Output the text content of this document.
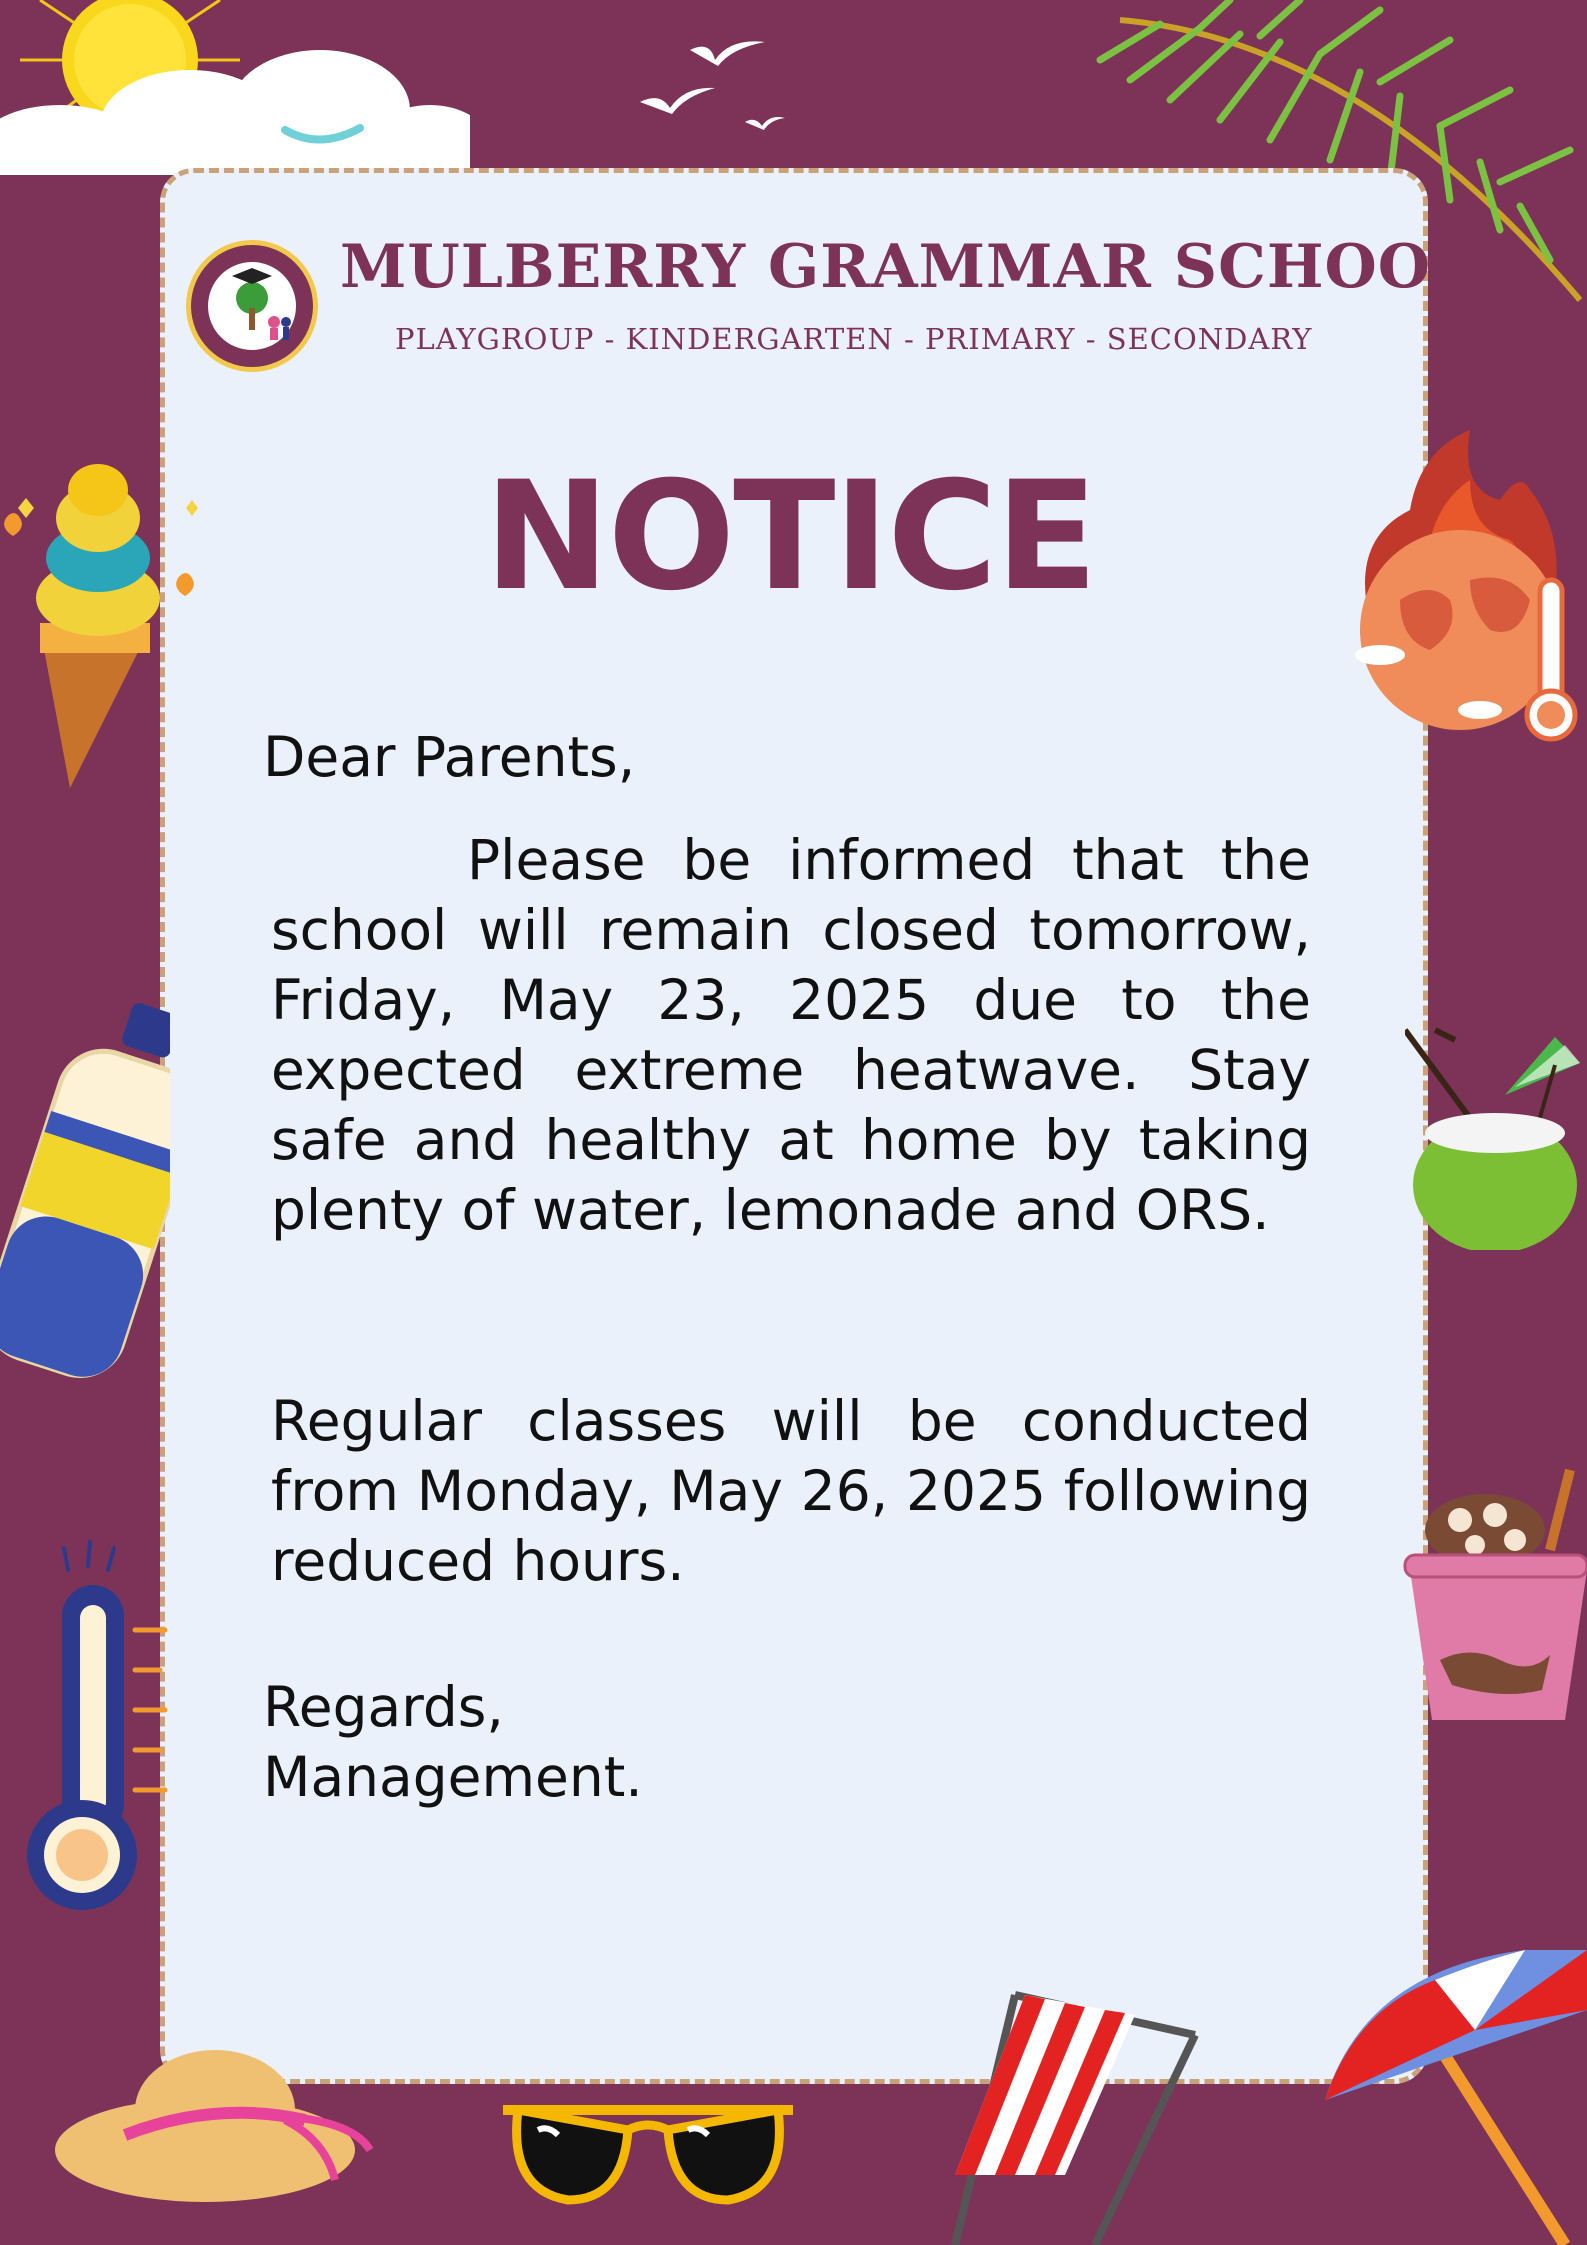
MULBERRY GRAMMAR SCHOOL
PLAYGROUP - KINDERGARTEN - PRIMARY - SECONDARY
NOTICE
Dear Parents,
Please be informed that the school will remain closed tomorrow, Friday, May 23, 2025 due to the expected extreme heatwave. Stay safe and healthy at home by taking plenty of water, lemonade and ORS.
Regular classes will be conducted from Monday, May 26, 2025 following reduced hours.
Regards,
Management.
